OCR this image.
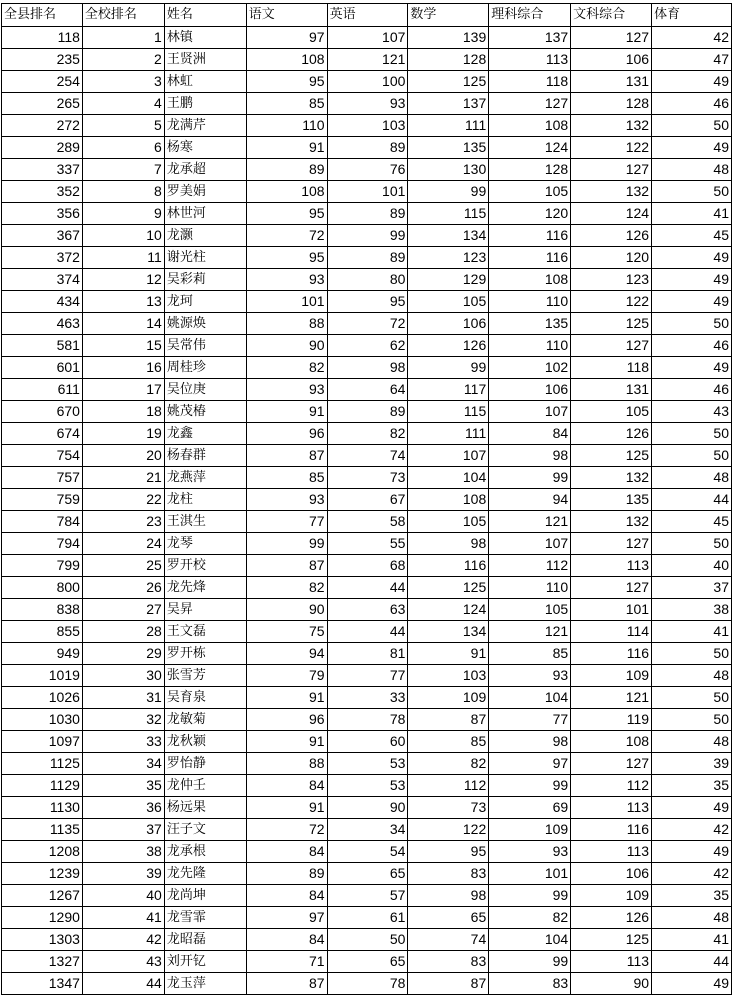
全县排名	全校排名	姓名	语文	英语	数学	理科综合	文科综合	体育
118	1	林镇	97	107	139	137	127	42
235	2	王贤洲	108	121	128	113	106	47
254	3	林虹	95	100	125	118	131	49
265	4	王鹏	85	93	137	127	128	46
272	5	龙满芹	110	103	111	108	132	50
289	6	杨寒	91	89	135	124	122	49
337	7	龙承超	89	76	130	128	127	48
352	8	罗美娟	108	101	99	105	132	50
356	9	林世河	95	89	115	120	124	41
367	10	龙灏	72	99	134	116	126	45
372	11	谢光柱	95	89	123	116	120	49
374	12	吴彩莉	93	80	129	108	123	49
434	13	龙珂	101	95	105	110	122	49
463	14	姚源焕	88	72	106	135	125	50
581	15	吴常伟	90	62	126	110	127	46
601	16	周桂珍	82	98	99	102	118	49
611	17	吴位庚	93	64	117	106	131	46
670	18	姚茂椿	91	89	115	107	105	43
674	19	龙鑫	96	82	111	84	126	50
754	20	杨春群	87	74	107	98	125	50
757	21	龙燕萍	85	73	104	99	132	48
759	22	龙柱	93	67	108	94	135	44
784	23	王淇生	77	58	105	121	132	45
794	24	龙琴	99	55	98	107	127	50
799	25	罗开校	87	68	116	112	113	40
800	26	龙先烽	82	44	125	110	127	37
838	27	吴昇	90	63	124	105	101	38
855	28	王文磊	75	44	134	121	114	41
949	29	罗开栋	94	81	91	85	116	50
1019	30	张雪芳	79	77	103	93	109	48
1026	31	吴育泉	91	33	109	104	121	50
1030	32	龙敏菊	96	78	87	77	119	50
1097	33	龙秋颖	91	60	85	98	108	48
1125	34	罗怡静	88	53	82	97	127	39
1129	35	龙仲壬	84	53	112	99	112	35
1130	36	杨远果	91	90	73	69	113	49
1135	37	汪子文	72	34	122	109	116	42
1208	38	龙承根	84	54	95	93	113	49
1239	39	龙先隆	89	65	83	101	106	42
1267	40	龙尚坤	84	57	98	99	109	35
1290	41	龙雪霏	97	61	65	82	126	48
1303	42	龙昭磊	84	50	74	104	125	41
1327	43	刘开钇	71	65	83	99	113	44
1347	44	龙玉萍	87	78	87	83	90	49
